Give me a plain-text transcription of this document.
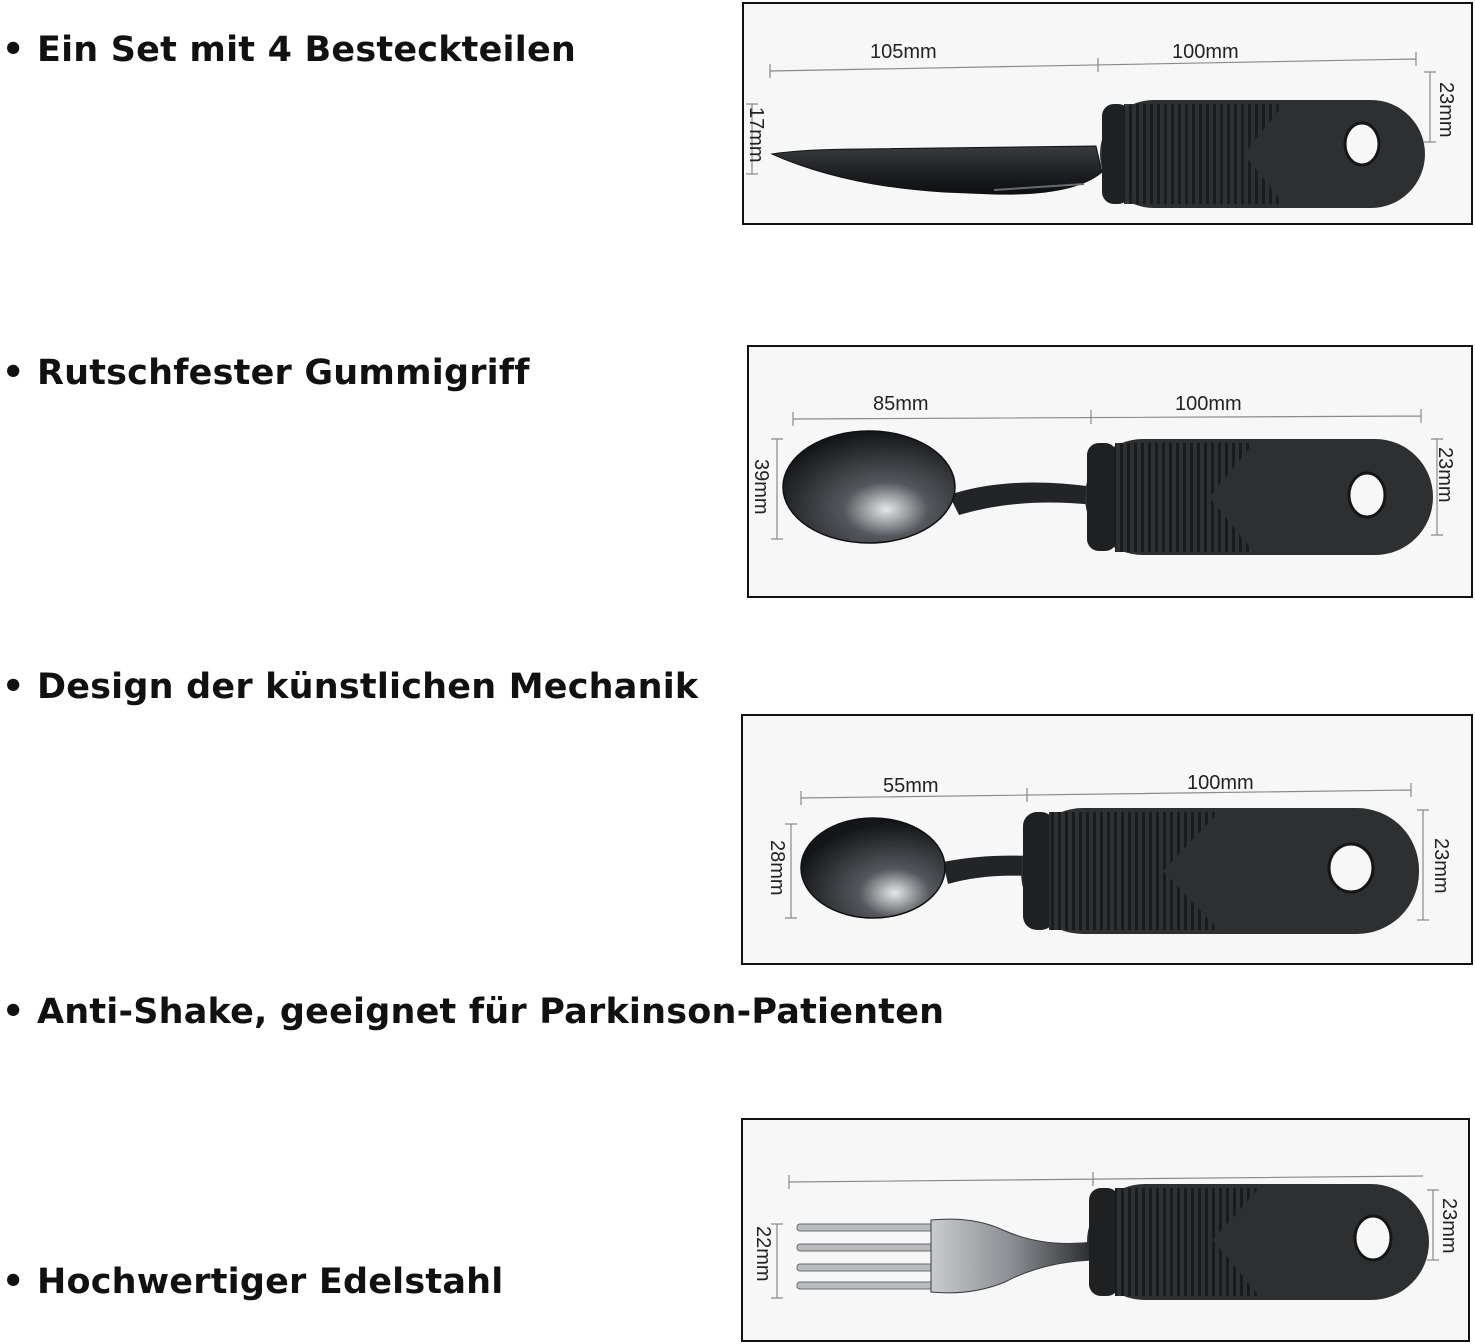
• Ein Set mit 4 Besteckteilen

• Rutschfester Gummigriff

• Design der künstlichen Mechanik

• Anti-Shake, geeignet für Parkinson-Patienten

• Hochwertiger Edelstahl

105mm	100mm
17mm	23mm
85mm	100mm
39mm	23mm
55mm	100mm
28mm	23mm
22mm
23mm
